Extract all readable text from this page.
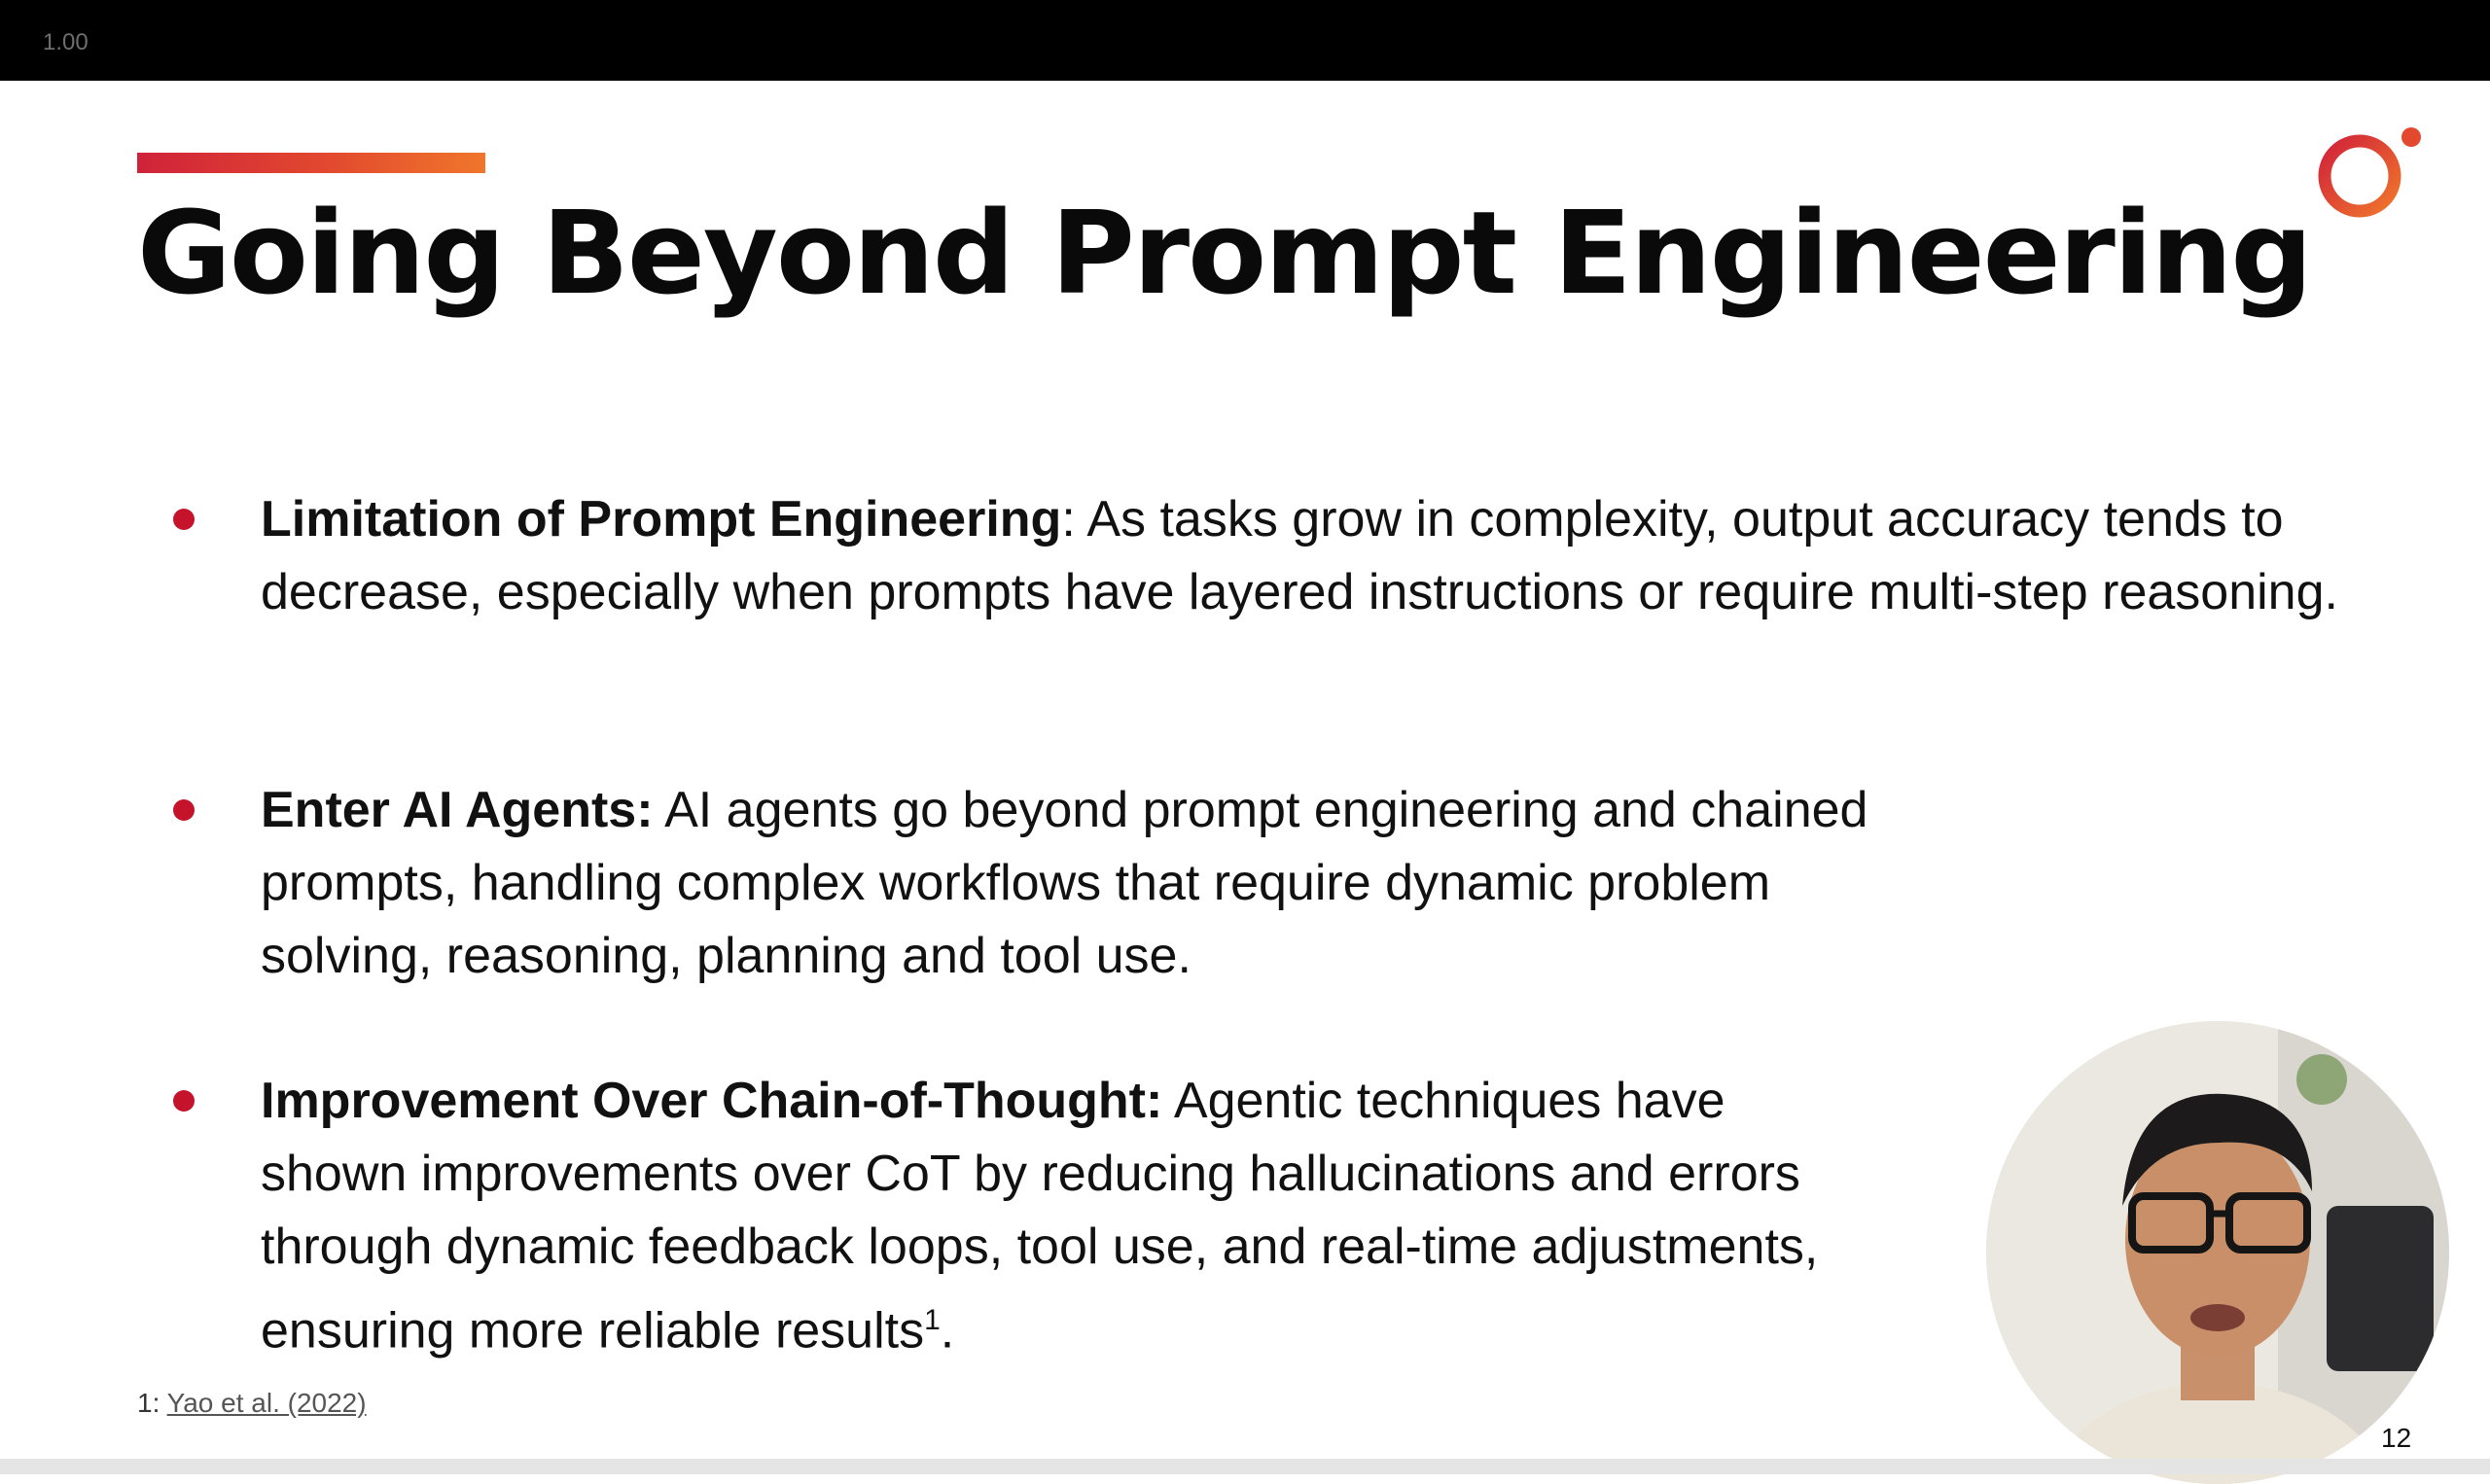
1.00
Going Beyond Prompt Engineering

Limitation of Prompt Engineering: As tasks grow in complexity, output accuracy tends to decrease, especially when prompts have layered instructions or require multi-step reasoning.

Enter AI Agents: AI agents go beyond prompt engineering and chained prompts, handling complex workflows that require dynamic problem solving, reasoning, planning and tool use.

Improvement Over Chain-of-Thought: Agentic techniques have shown improvements over CoT by reducing hallucinations and errors through dynamic feedback loops, tool use, and real-time adjustments, ensuring more reliable results$^1$.

1: Yao et al. (2022)
12
